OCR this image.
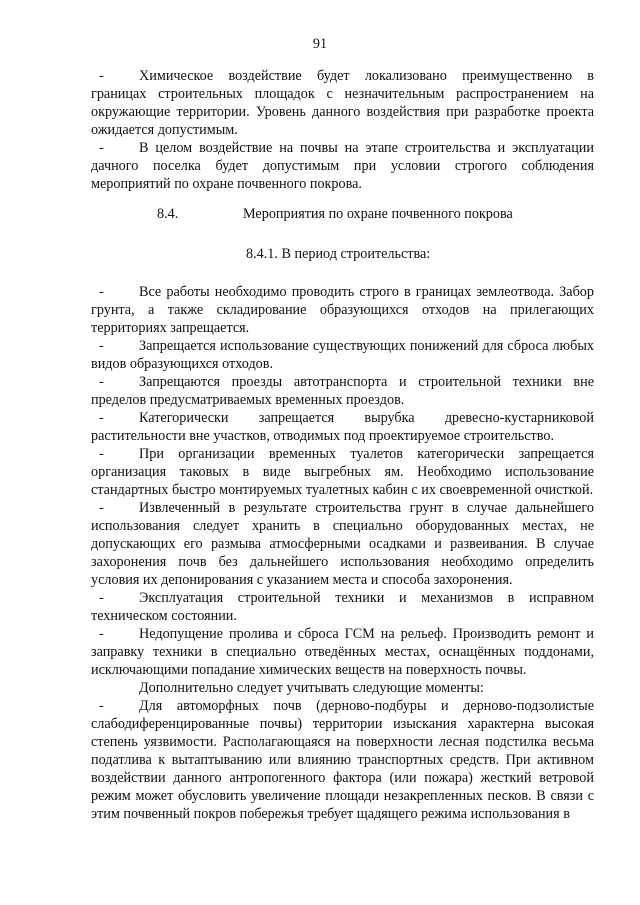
91

- Химическое воздействие будет локализовано преимущественно в границах строительных площадок с незначительным распространением на окружающие территории. Уровень данного воздействия при разработке проекта ожидается допустимым.

- В целом воздействие на почвы на этапе строительства и эксплуатации дачного поселка будет допустимым при условии строгого соблюдения мероприятий по охране почвенного покрова.

8.4.	Мероприятия по охране почвенного покрова
8.4.1. В период строительства:

- Все работы необходимо проводить строго в границах землеотвода. Забор грунта, а также складирование образующихся отходов на прилегающих территориях запрещается.

- Запрещается использование существующих понижений для сброса любых видов образующихся отходов.

- Запрещаются проезды автотранспорта и строительной техники вне пределов предусматриваемых временных проездов.

- Категорически запрещается вырубка древесно-кустарниковой растительности вне участков, отводимых под проектируемое строительство.

- При организации временных туалетов категорически запрещается организация таковых в виде выгребных ям. Необходимо использование стандартных быстро монтируемых туалетных кабин с их своевременной очисткой.

- Извлеченный в результате строительства грунт в случае дальнейшего использования следует хранить в специально оборудованных местах, не допускающих его размыва атмосферными осадками и развеивания. В случае захоронения почв без дальнейшего использования необходимо определить условия их депонирования с указанием места и способа захоронения.

- Эксплуатация строительной техники и механизмов в исправном техническом состоянии.

- Недопущение пролива и сброса ГСМ на рельеф. Производить ремонт и заправку техники в специально отведённых местах, оснащённых поддонами, исключающими попадание химических веществ на поверхность почвы.

Дополнительно следует учитывать следующие моменты:

- Для автоморфных почв (дерново-подбуры и дерново-подзолистые слабодиференцированные почвы) территории изыскания характерна высокая степень уязвимости. Располагающаяся на поверхности лесная подстилка весьма податлива к вытаптыванию или влиянию транспортных средств. При активном воздействии данного антропогенного фактора (или пожара) жесткий ветровой режим может обусловить увеличение площади незакрепленных песков. В связи с этим почвенный покров побережья требует щадящего режима использования в
